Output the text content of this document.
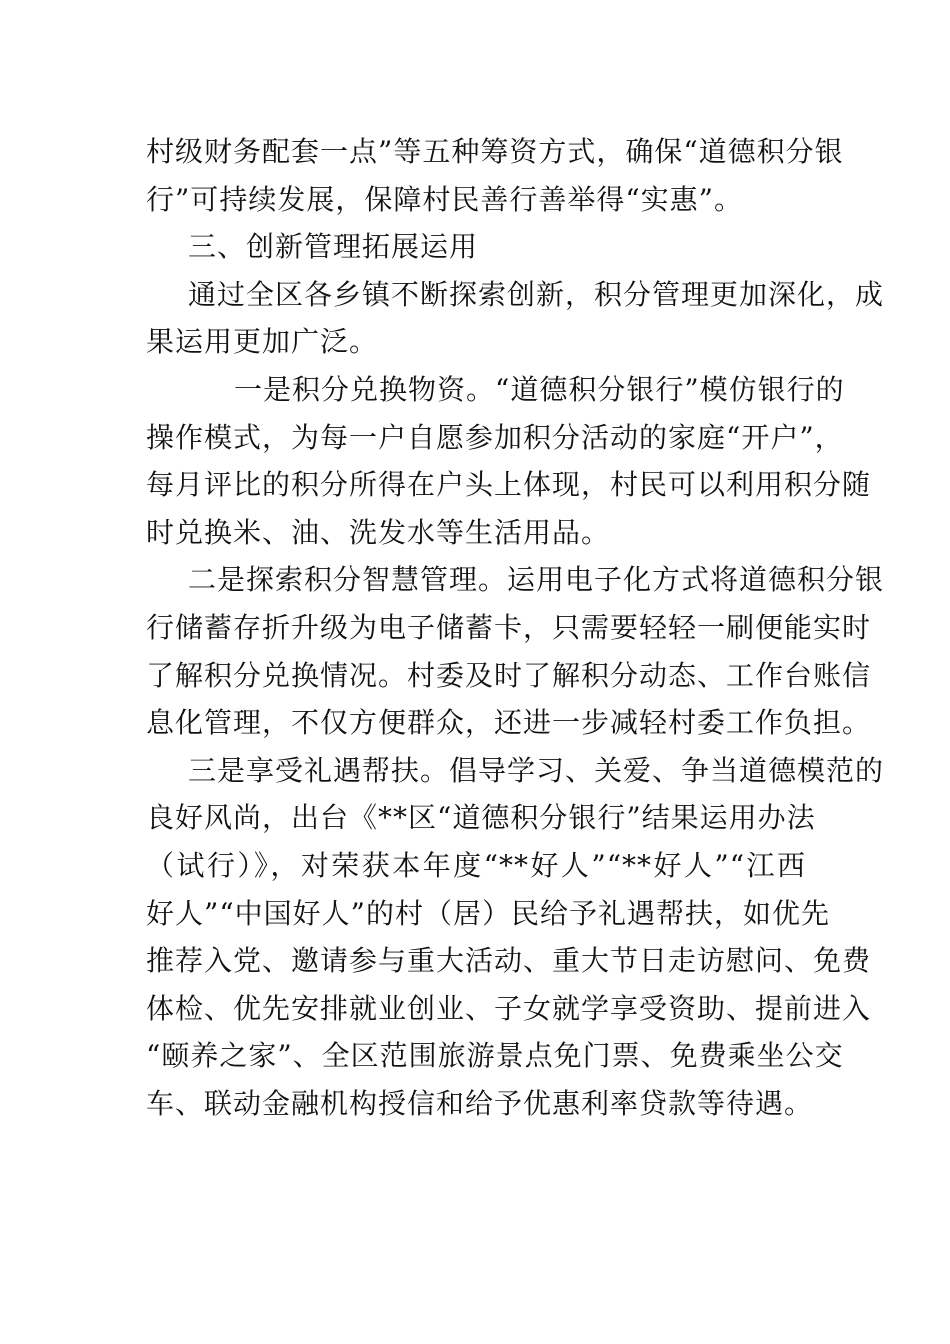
村级财务配套一点”等五种筹资方式，确保“道德积分银
行”可持续发展，保障村民善行善举得“实惠”。
三、创新管理拓展运用
通过全区各乡镇不断探索创新，积分管理更加深化，成
果运用更加广泛。
一是积分兑换物资。“道德积分银行”模仿银行的
操作模式，为每一户自愿参加积分活动的家庭“开户”，
每月评比的积分所得在户头上体现，村民可以利用积分随
时兑换米、油、洗发水等生活用品。
二是探索积分智慧管理。运用电子化方式将道德积分银
行储蓄存折升级为电子储蓄卡，只需要轻轻一刷便能实时
了解积分兑换情况。村委及时了解积分动态、工作台账信
息化管理，不仅方便群众，还进一步减轻村委工作负担。
三是享受礼遇帮扶。倡导学习、关爱、争当道德模范的
良好风尚，出台《**区“道德积分银行”结果运用办法
（试行）》，对荣获本年度“**好人”“**好人”“江西
好人”“中国好人”的村（居）民给予礼遇帮扶，如优先
推荐入党、邀请参与重大活动、重大节日走访慰问、免费
体检、优先安排就业创业、子女就学享受资助、提前进入
“颐养之家”、全区范围旅游景点免门票、免费乘坐公交
车、联动金融机构授信和给予优惠利率贷款等待遇。
